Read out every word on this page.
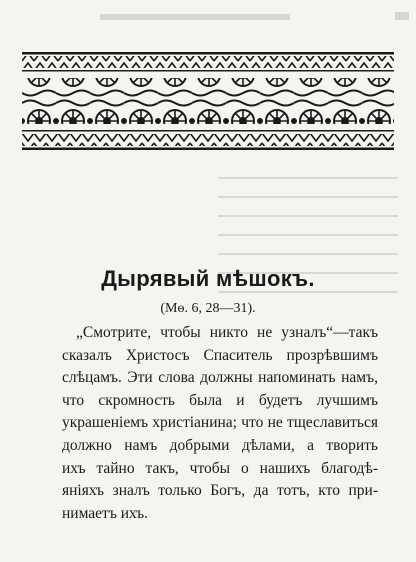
Дырявый мѣшокъ.
(Мѳ. 6, 28—31).
„Смотрите, чтобы никто не узналъ“—такъ
сказалъ Христосъ Спаситель прозрѣвшимъ
слѣцамъ. Эти слова должны напоминать намъ,
что скромность была и будетъ лучшимъ
украшеніемъ христіанина; что не тщеславиться
должно намъ добрыми дѣлами, а творить
ихъ тайно такъ, чтобы о нашихъ благодѣ-
яніяхъ зналъ только Богъ, да тотъ, кто при-
нимаетъ ихъ.
